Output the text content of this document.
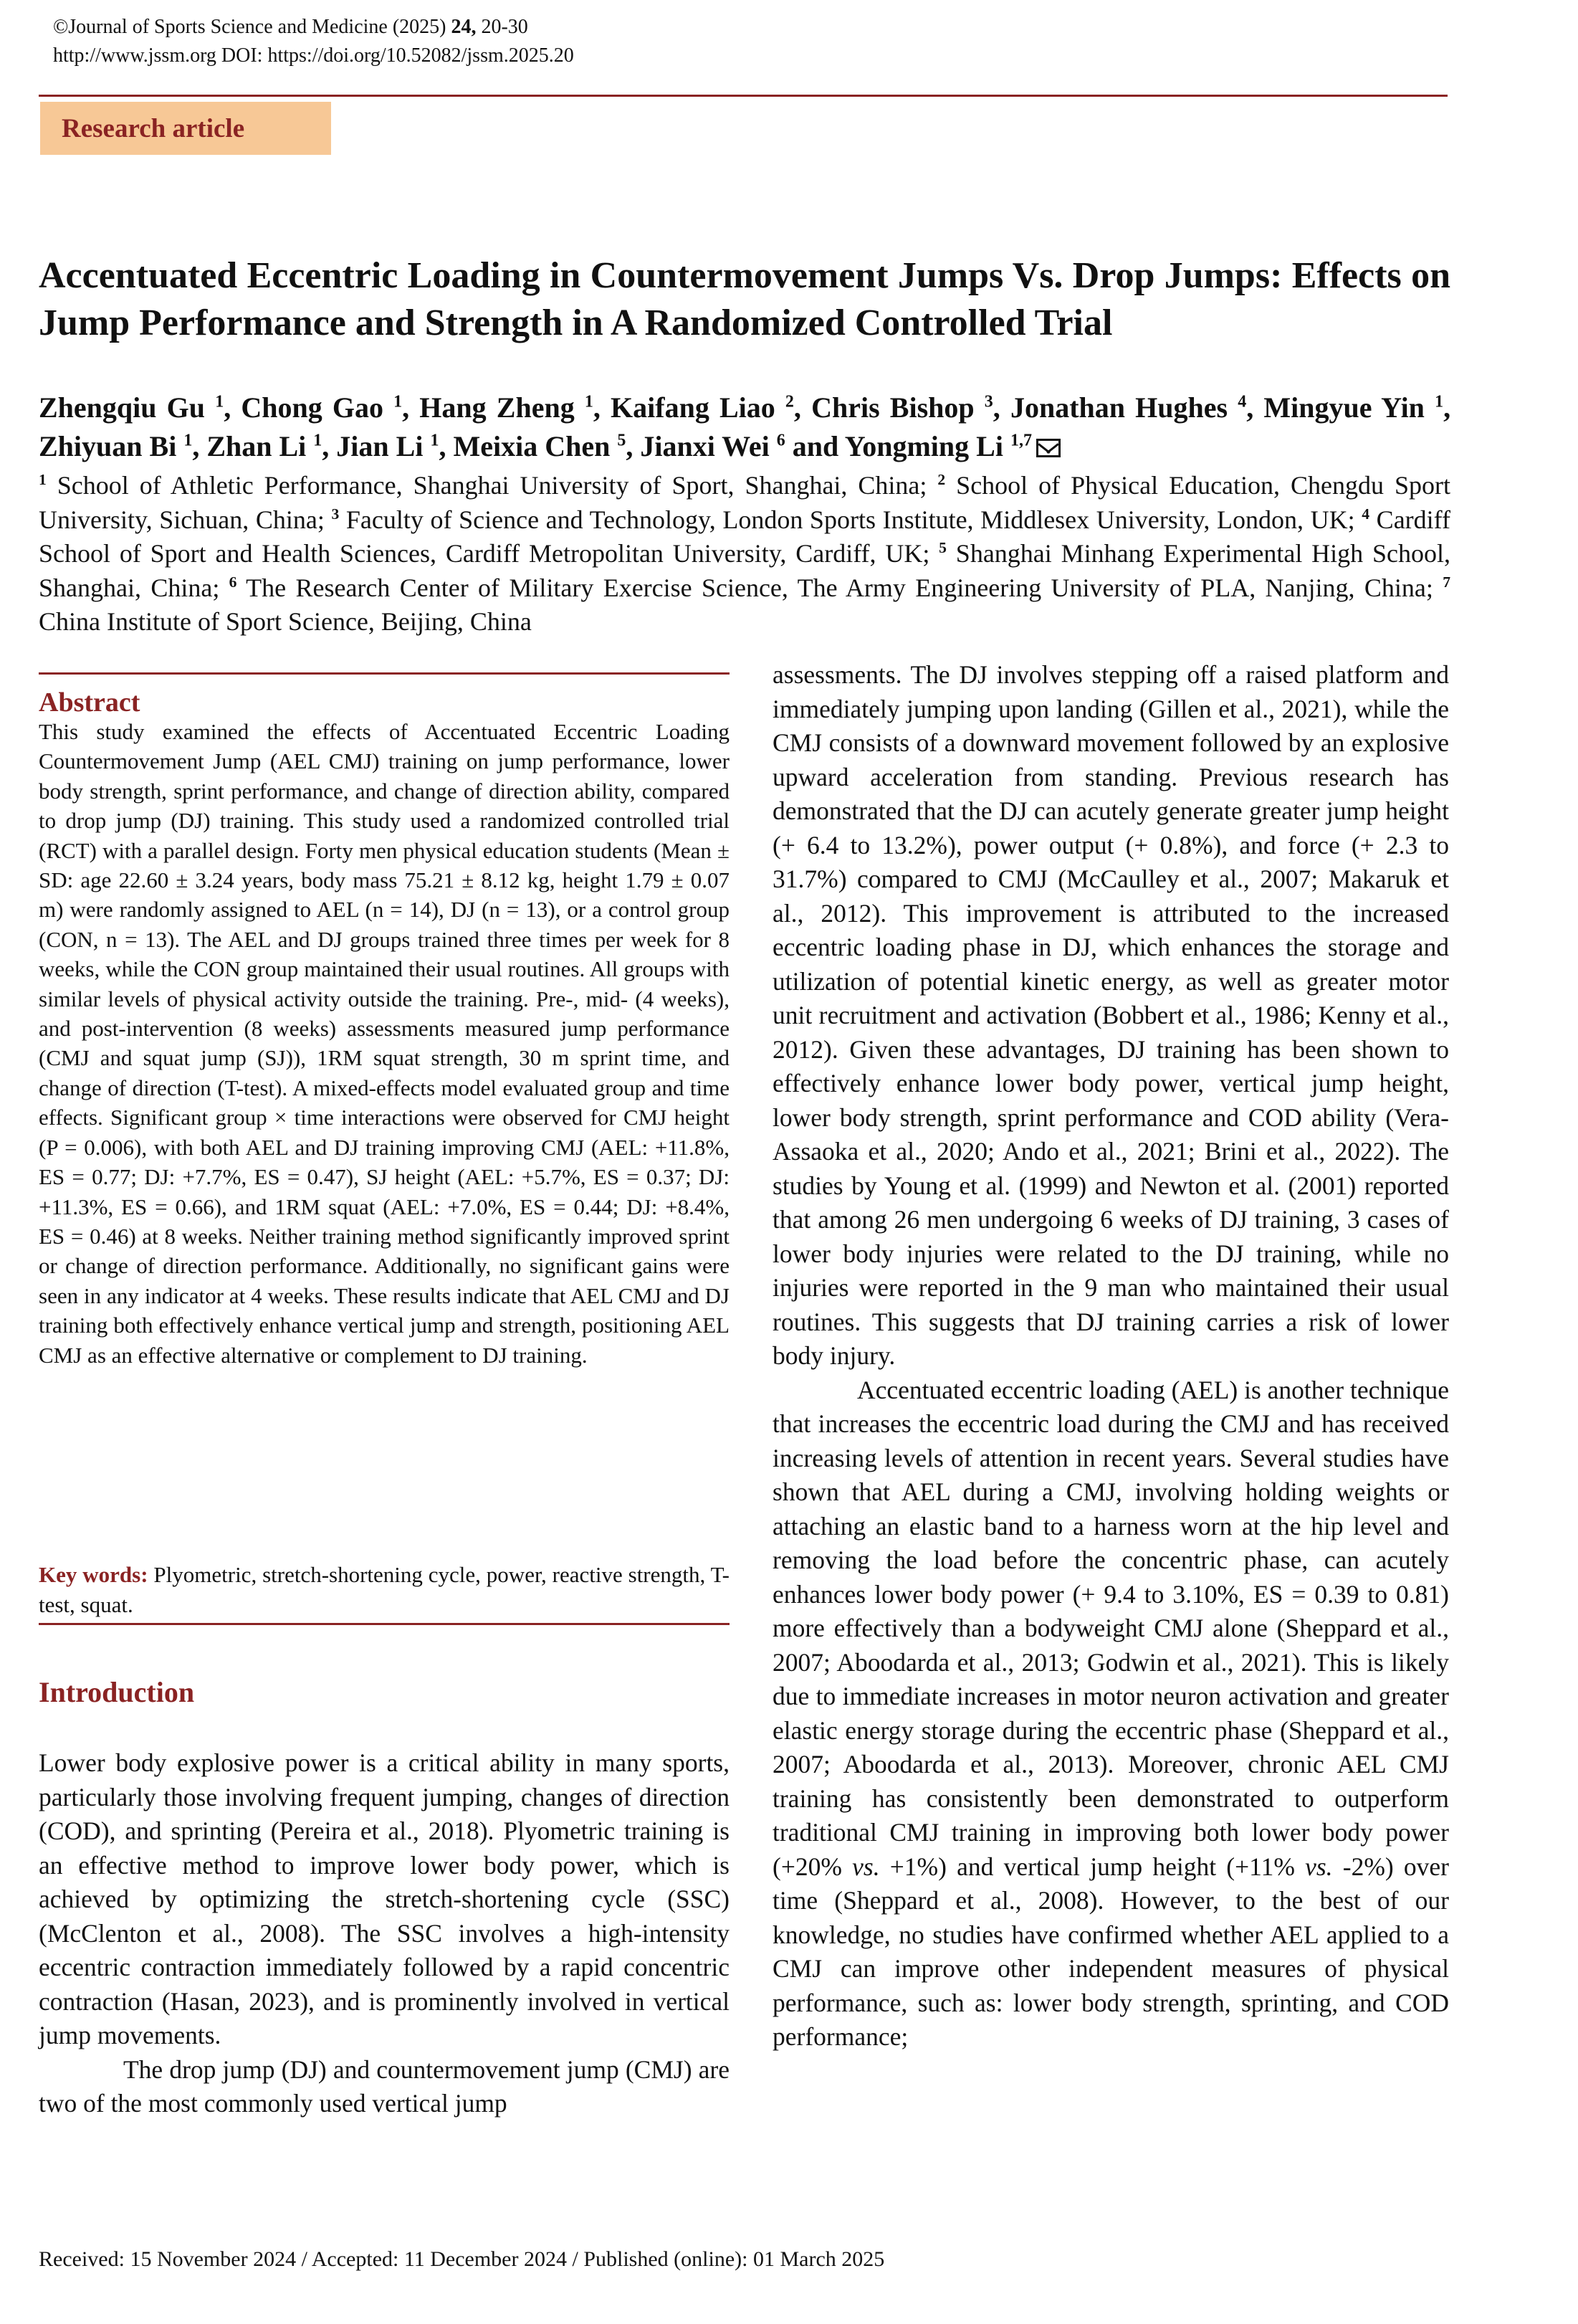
©Journal of Sports Science and Medicine (2025) 24, 20-30
http://www.jssm.org DOI: https://doi.org/10.52082/jssm.2025.20
Research article
Accentuated Eccentric Loading in Countermovement Jumps Vs. Drop Jumps: Effects on Jump Performance and Strength in A Randomized Controlled Trial
Zhengqiu Gu $^1$, Chong Gao $^1$, Hang Zheng $^1$, Kaifang Liao $^2$, Chris Bishop $^3$, Jonathan Hughes $^4$, Mingyue Yin $^1$, Zhiyuan Bi $^1$, Zhan Li $^1$, Jian Li $^1$, Meixia Chen $^5$, Jianxi Wei $^6$ and Yongming Li $^{1,7}$
$^1$ School of Athletic Performance, Shanghai University of Sport, Shanghai, China; $^2$ School of Physical Education, Chengdu Sport University, Sichuan, China; $^3$ Faculty of Science and Technology, London Sports Institute, Middlesex University, London, UK; $^4$ Cardiff School of Sport and Health Sciences, Cardiff Metropolitan University, Cardiff, UK; $^5$ Shanghai Minhang Experimental High School, Shanghai, China; $^6$ The Research Center of Military Exercise Science, The Army Engineering University of PLA, Nanjing, China; $^7$ China Institute of Sport Science, Beijing, China
Abstract
This study examined the effects of Accentuated Eccentric Loading Countermovement Jump (AEL CMJ) training on jump performance, lower body strength, sprint performance, and change of direction ability, compared to drop jump (DJ) training. This study used a randomized controlled trial (RCT) with a parallel design. Forty men physical education students (Mean ± SD: age 22.60 ± 3.24 years, body mass 75.21 ± 8.12 kg, height 1.79 ± 0.07 m) were randomly assigned to AEL (n = 14), DJ (n = 13), or a control group (CON, n = 13). The AEL and DJ groups trained three times per week for 8 weeks, while the CON group maintained their usual routines. All groups with similar levels of physical activity outside the training. Pre-, mid- (4 weeks), and post-intervention (8 weeks) assessments measured jump performance (CMJ and squat jump (SJ)), 1RM squat strength, 30 m sprint time, and change of direction (T-test). A mixed-effects model evaluated group and time effects. Significant group × time interactions were observed for CMJ height (P = 0.006), with both AEL and DJ training improving CMJ (AEL: +11.8%, ES = 0.77; DJ: +7.7%, ES = 0.47), SJ height (AEL: +5.7%, ES = 0.37; DJ: +11.3%, ES = 0.66), and 1RM squat (AEL: +7.0%, ES = 0.44; DJ: +8.4%, ES = 0.46) at 8 weeks. Neither training method significantly improved sprint or change of direction performance. Additionally, no significant gains were seen in any indicator at 4 weeks. These results indicate that AEL CMJ and DJ training both effectively enhance vertical jump and strength, positioning AEL CMJ as an effective alternative or complement to DJ training.
Key words: Plyometric, stretch-shortening cycle, power, reactive strength, T-test, squat.
Introduction

Lower body explosive power is a critical ability in many sports, particularly those involving frequent jumping, changes of direction (COD), and sprinting (Pereira et al., 2018). Plyometric training is an effective method to improve lower body power, which is achieved by optimizing the stretch-shortening cycle (SSC) (McClenton et al., 2008). The SSC involves a high-intensity eccentric contraction immediately followed by a rapid concentric contraction (Hasan, 2023), and is prominently involved in vertical jump movements.

The drop jump (DJ) and countermovement jump (CMJ) are two of the most commonly used vertical jump

assessments. The DJ involves stepping off a raised platform and immediately jumping upon landing (Gillen et al., 2021), while the CMJ consists of a downward movement followed by an explosive upward acceleration from standing. Previous research has demonstrated that the DJ can acutely generate greater jump height (+ 6.4 to 13.2%), power output (+ 0.8%), and force (+ 2.3 to 31.7%) compared to CMJ (McCaulley et al., 2007; Makaruk et al., 2012). This improvement is attributed to the increased eccentric loading phase in DJ, which enhances the storage and utilization of potential kinetic energy, as well as greater motor unit recruitment and activation (Bobbert et al., 1986; Kenny et al., 2012). Given these advantages, DJ training has been shown to effectively enhance lower body power, vertical jump height, lower body strength, sprint performance and COD ability (Vera-Assaoka et al., 2020; Ando et al., 2021; Brini et al., 2022). The studies by Young et al. (1999) and Newton et al. (2001) reported that among 26 men undergoing 6 weeks of DJ training, 3 cases of lower body injuries were related to the DJ training, while no injuries were reported in the 9 man who maintained their usual routines. This suggests that DJ training carries a risk of lower body injury.

Accentuated eccentric loading (AEL) is another technique that increases the eccentric load during the CMJ and has received increasing levels of attention in recent years. Several studies have shown that AEL during a CMJ, involving holding weights or attaching an elastic band to a harness worn at the hip level and removing the load before the concentric phase, can acutely enhances lower body power (+ 9.4 to 3.10%, ES = 0.39 to 0.81) more effectively than a bodyweight CMJ alone (Sheppard et al., 2007; Aboodarda et al., 2013; Godwin et al., 2021). This is likely due to immediate increases in motor neuron activation and greater elastic energy storage during the eccentric phase (Sheppard et al., 2007; Aboodarda et al., 2013). Moreover, chronic AEL CMJ training has consistently been demonstrated to outperform traditional CMJ training in improving both lower body power (+20% vs. +1%) and vertical jump height (+11% vs. -2%) over time (Sheppard et al., 2008). However, to the best of our knowledge, no studies have confirmed whether AEL applied to a CMJ can improve other independent measures of physical performance, such as: lower body strength, sprinting, and COD performance;

Received: 15 November 2024 / Accepted: 11 December 2024 / Published (online): 01 March 2025
